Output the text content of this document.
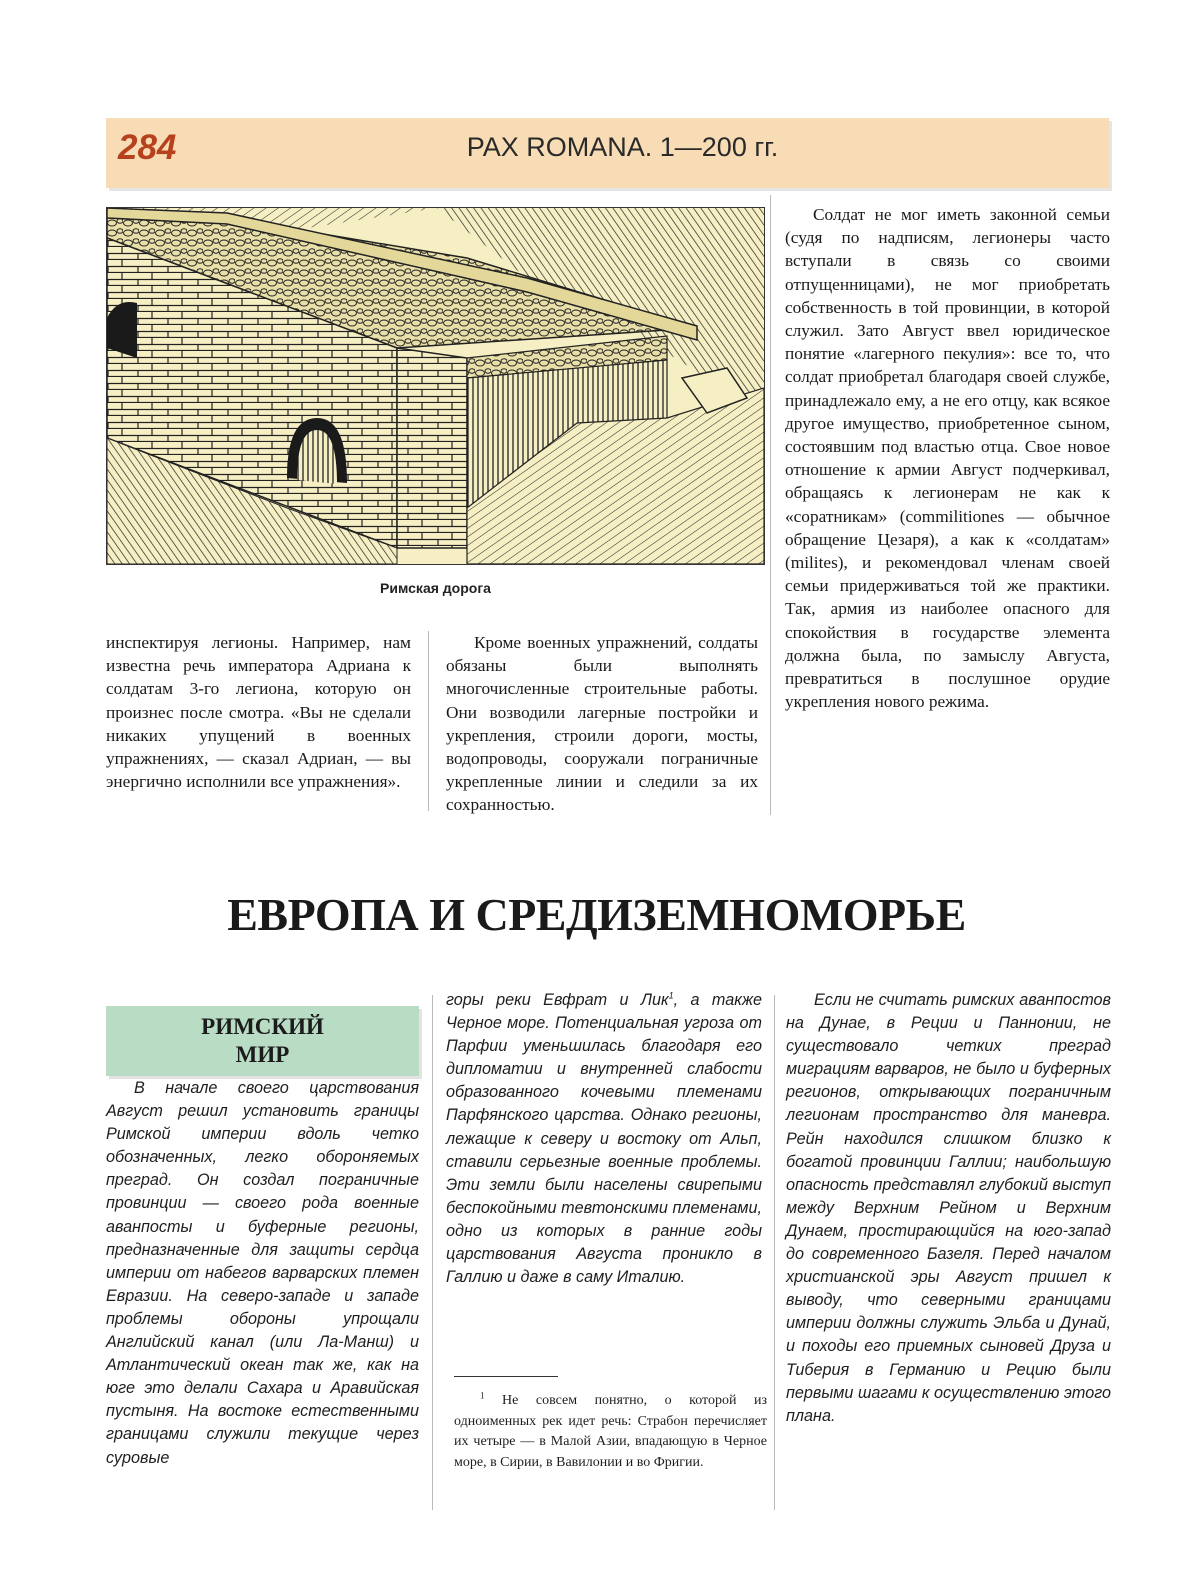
284	PAX ROMANA. 1—200 гг.
Римская дорога

инспектируя легионы. Например, нам известна речь императора Адриана к солдатам 3-го легиона, которую он произнес после смотра. «Вы не сделали никаких упущений в военных упражнениях, — сказал Адриан, — вы энергично исполнили все упражнения».

Кроме военных упражнений, солдаты обязаны были выполнять многочисленные строительные работы. Они возводили лагерные постройки и укрепления, строили дороги, мосты, водопроводы, сооружали пограничные укрепленные линии и следили за их сохранностью.

Солдат не мог иметь законной семьи (судя по надписям, легионеры часто вступали в связь со своими отпущенницами), не мог приобретать собственность в той провинции, в которой служил. Зато Август ввел юридическое понятие «лагерного пекулия»: все то, что солдат приобретал благодаря своей службе, принадлежало ему, а не его отцу, как всякое другое имущество, приобретенное сыном, состоявшим под властью отца. Свое новое отношение к армии Август подчеркивал, обращаясь к легионерам не как к «соратникам» (commilitiones — обычное обращение Цезаря), а как к «солдатам» (milites), и рекомендовал членам своей семьи придерживаться той же практики. Так, армия из наиболее опасного для спокойствия в государстве элемента должна была, по замыслу Августа, превратиться в послушное орудие укрепления нового режима.

ЕВРОПА И СРЕДИЗЕМНОМОРЬЕ
РИМСКИЙ
МИР

В начале своего царствования Август решил установить границы Римской империи вдоль четко обозначенных, легко обороняемых преград. Он создал пограничные провинции — своего рода военные аванпосты и буферные регионы, предназначенные для защиты сердца империи от набегов варварских племен Евразии. На северо-западе и западе проблемы обороны упрощали Английский канал (или Ла-Манш) и Атлантический океан так же, как на юге это делали Сахара и Аравийская пустыня. На востоке естественными границами служили текущие через суровые

горы реки Евфрат и Лик$^1$, а также Черное море. Потенциальная угроза от Парфии уменьшилась благодаря его дипломатии и внутренней слабости образованного кочевыми племенами Парфянского царства. Однако регионы, лежащие к северу и востоку от Альп, ставили серьезные военные проблемы. Эти земли были населены свирепыми беспокойными тевтонскими племенами, одно из которых в ранние годы царствования Августа проникло в Галлию и даже в саму Италию.

$^1$ Не совсем понятно, о которой из одноименных рек идет речь: Страбон перечисляет их четыре — в Малой Азии, впадающую в Черное море, в Сирии, в Вавилонии и во Фригии.

Если не считать римских аванпостов на Дунае, в Реции и Паннонии, не существовало четких преград миграциям варваров, не было и буферных регионов, открывающих пограничным легионам пространство для маневра. Рейн находился слишком близко к богатой провинции Галлии; наибольшую опасность представлял глубокий выступ между Верхним Рейном и Верхним Дунаем, простирающийся на юго-запад до современного Базеля. Перед началом христианской эры Август пришел к выводу, что северными границами империи должны служить Эльба и Дунай, и походы его приемных сыновей Друза и Тиберия в Германию и Рецию были первыми шагами к осуществлению этого плана.
